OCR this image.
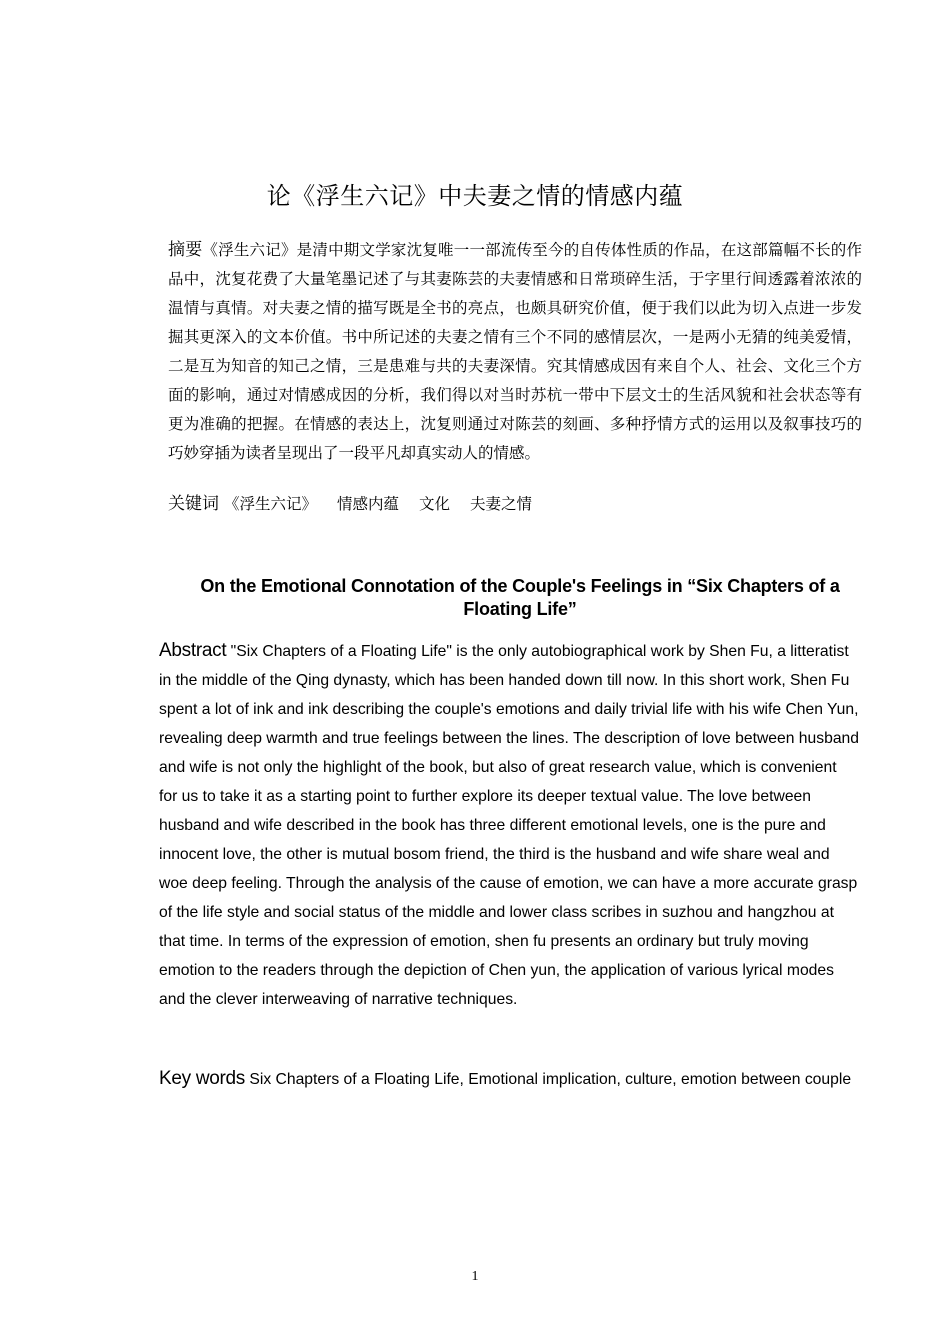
论《浮生六记》中夫妻之情的情感内蕴
摘要《浮生六记》是清中期文学家沈复唯一一部流传至今的自传体性质的作品，在这部篇幅不长的作品中，沈复花费了大量笔墨记述了与其妻陈芸的夫妻情感和日常琐碎生活，于字里行间透露着浓浓的温情与真情。对夫妻之情的描写既是全书的亮点，也颇具研究价值，便于我们以此为切入点进一步发掘其更深入的文本价值。书中所记述的夫妻之情有三个不同的感情层次，一是两小无猜的纯美爱情，二是互为知音的知己之情，三是患难与共的夫妻深情。究其情感成因有来自个人、社会、文化三个方面的影响，通过对情感成因的分析，我们得以对当时苏杭一带中下层文士的生活风貌和社会状态等有更为准确的把握。在情感的表达上，沈复则通过对陈芸的刻画、多种抒情方式的运用以及叙事技巧的巧妙穿插为读者呈现出了一段平凡却真实动人的情感。
关键词 《浮生六记》 情感内蕴 文化 夫妻之情
On the Emotional Connotation of the Couple's Feelings in “Six Chapters of a Floating Life”
Abstract "Six Chapters of a Floating Life" is the only autobiographical work by Shen Fu, a litteratist in the middle of the Qing dynasty, which has been handed down till now. In this short work, Shen Fu spent a lot of ink and ink describing the couple's emotions and daily trivial life with his wife Chen Yun, revealing deep warmth and true feelings between the lines. The description of love between husband and wife is not only the highlight of the book, but also of great research value, which is convenient for us to take it as a starting point to further explore its deeper textual value. The love between husband and wife described in the book has three different emotional levels, one is the pure and innocent love, the other is mutual bosom friend, the third is the husband and wife share weal and woe deep feeling. Through the analysis of the cause of emotion, we can have a more accurate grasp of the life style and social status of the middle and lower class scribes in suzhou and hangzhou at that time. In terms of the expression of emotion, shen fu presents an ordinary but truly moving emotion to the readers through the depiction of Chen yun, the application of various lyrical modes and the clever interweaving of narrative techniques.
Key words Six Chapters of a Floating Life, Emotional implication, culture, emotion between couple
1
